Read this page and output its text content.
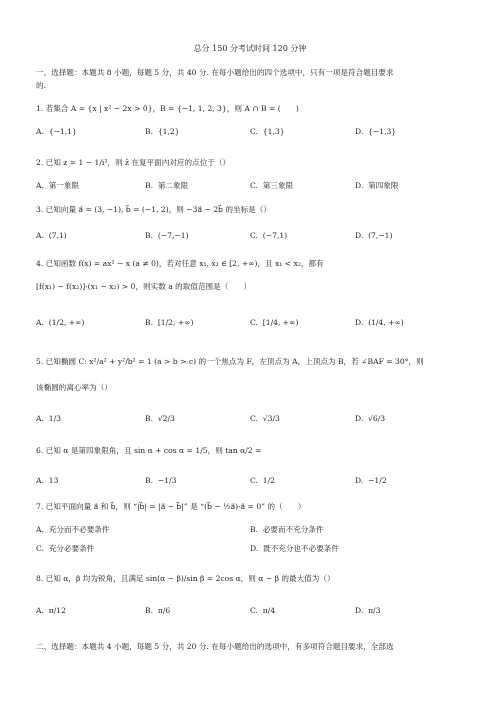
总分 150 分考试时间 120 分钟
一、选择题：本题共 8 小题，每题 5 分，共 40 分. 在每小题给出的四个选项中，只有一项是符合题目要求
的.
1. 若集合 A = {x | x² − 2x > 0}，B = {−1, 1, 2, 3}，则 A ∩ B = (　　)
A. {−1,1}	B. {1,2}	C. {1,3}	D. {−1,3}
2. 已知 z = 1 − 1/i³，则 z̄ 在复平面内对应的点位于（）
A. 第一象限	B. 第二象限	C. 第三象限	D. 第四象限
3. 已知向量 a⃗ = (3, −1), b⃗ = (−1, 2)，则 −3a⃗ − 2b⃗ 的坐标是（）
A. (7,1)	B. (−7,−1)	C. (−7,1)	D. (7,−1)
4. 已知函数 f(x) = ax² − x (a ≠ 0)，若对任意 x₁, x₂ ∈ [2, +∞)，且 x₁ < x₂，都有
[f(x₁) − f(x₂)]·(x₁ − x₂) > 0，则实数 a 的取值范围是（　　）
A. (1/2, +∞)	B. [1/2, +∞)	C. [1/4, +∞)	D. (1/4, +∞)
5. 已知椭圆 C: x²/a² + y²/b² = 1 (a > b > c) 的一个焦点为 F，左顶点为 A，上顶点为 B，若 ∠BAF = 30°，则
该椭圆的离心率为（）
A. 1/3	B. √2/3	C. √3/3	D. √6/3
6. 已知 α 是第四象限角，且 sin α + cos α = 1/5，则 tan α/2 =
A. 13	B. −1/3	C. 1/2	D. −1/2
7. 已知平面向量 a⃗ 和 b⃗，则 “|b⃗| = |a⃗ − b⃗|” 是 “(b⃗ − ½a⃗)·a⃗ = 0” 的（　　）
A. 充分而不必要条件	B. 必要而不充分条件
C. 充分必要条件	D. 既不充分也不必要条件
8. 已知 α，β 均为锐角，且满足 sin(α − β)/sin β = 2cos α，则 α − β 的最大值为（）
A. π/12	B. π/6	C. π/4	D. π/3
二、选择题：本题共 4 小题，每题 5 分，共 20 分. 在每小题给出的选项中，有多项符合题目要求，全部选
